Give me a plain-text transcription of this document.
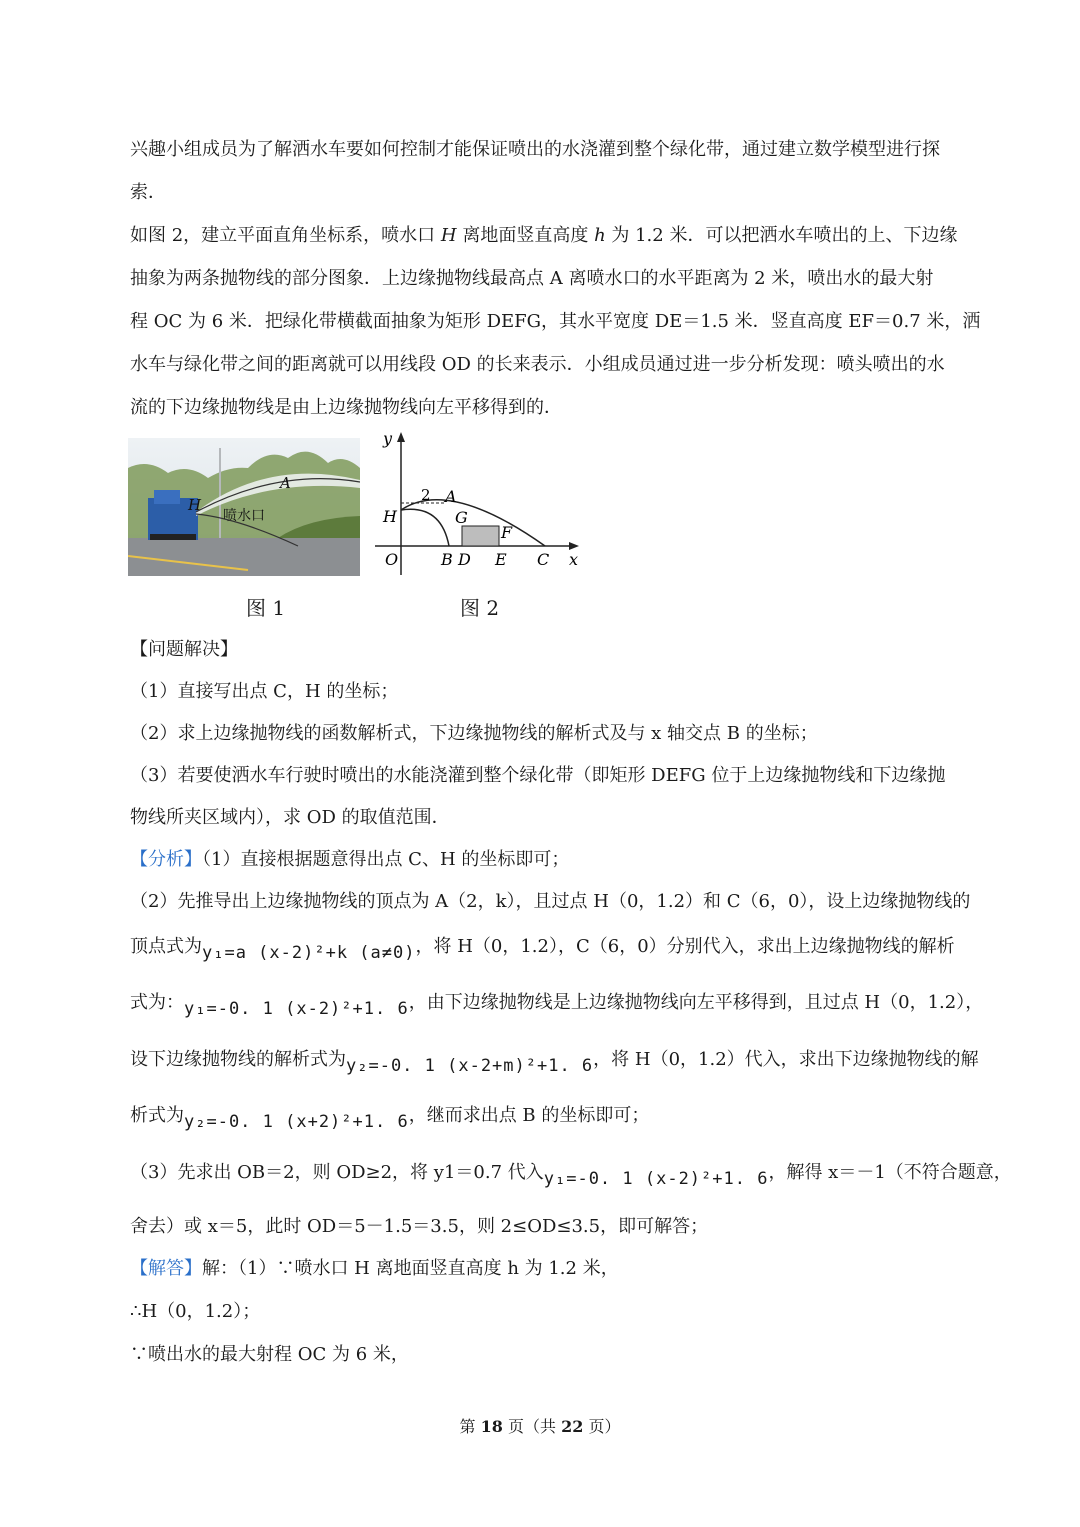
兴趣小组成员为了解洒水车要如何控制才能保证喷出的水浇灌到整个绿化带，通过建立数学模型进行探
索．
如图 2，建立平面直角坐标系，喷水口 H 离地面竖直高度 h 为 1.2 米．可以把洒水车喷出的上、下边缘
抽象为两条抛物线的部分图象．上边缘抛物线最高点 A 离喷水口的水平距离为 2 米，喷出水的最大射
程 OC 为 6 米．把绿化带横截面抽象为矩形 DEFG，其水平宽度 DE＝1.5 米．竖直高度 EF＝0.7 米，洒
水车与绿化带之间的距离就可以用线段 OD 的长来表示．小组成员通过进一步分析发现：喷头喷出的水
流的下边缘抛物线是由上边缘抛物线向左平移得到的．
H
A
喷水口
y
x
O
H
2 A
G
F
B D E C
图 1	图 2
【问题解决】
（1）直接写出点 C，H 的坐标；
（2）求上边缘抛物线的函数解析式，下边缘抛物线的解析式及与 x 轴交点 B 的坐标；
（3）若要使洒水车行驶时喷出的水能浇灌到整个绿化带（即矩形 DEFG 位于上边缘抛物线和下边缘抛
物线所夹区域内），求 OD 的取值范围．
【分析】（1）直接根据题意得出点 C、H 的坐标即可；
（2）先推导出上边缘抛物线的顶点为 A（2，k），且过点 H（0，1.2）和 C（6，0），设上边缘抛物线的
顶点式为y₁=a (x-2)²+k (a≠0)，将 H（0，1.2），C（6，0）分别代入，求出上边缘抛物线的解析
式为：y₁=-0. 1 (x-2)²+1. 6，由下边缘抛物线是上边缘抛物线向左平移得到，且过点 H（0，1.2），
设下边缘抛物线的解析式为y₂=-0. 1 (x-2+m)²+1. 6，将 H（0，1.2）代入，求出下边缘抛物线的解
析式为y₂=-0. 1 (x+2)²+1. 6，继而求出点 B 的坐标即可；
（3）先求出 OB＝2，则 OD≥2，将 y1＝0.7 代入y₁=-0. 1 (x-2)²+1. 6，解得 x＝－1（不符合题意，
舍去）或 x＝5，此时 OD＝5－1.5＝3.5，则 2≤OD≤3.5，即可解答；
【解答】解：（1）∵喷水口 H 离地面竖直高度 h 为 1.2 米，
∴H（0，1.2）；
∵喷出水的最大射程 OC 为 6 米，
第 18 页（共 22 页）
